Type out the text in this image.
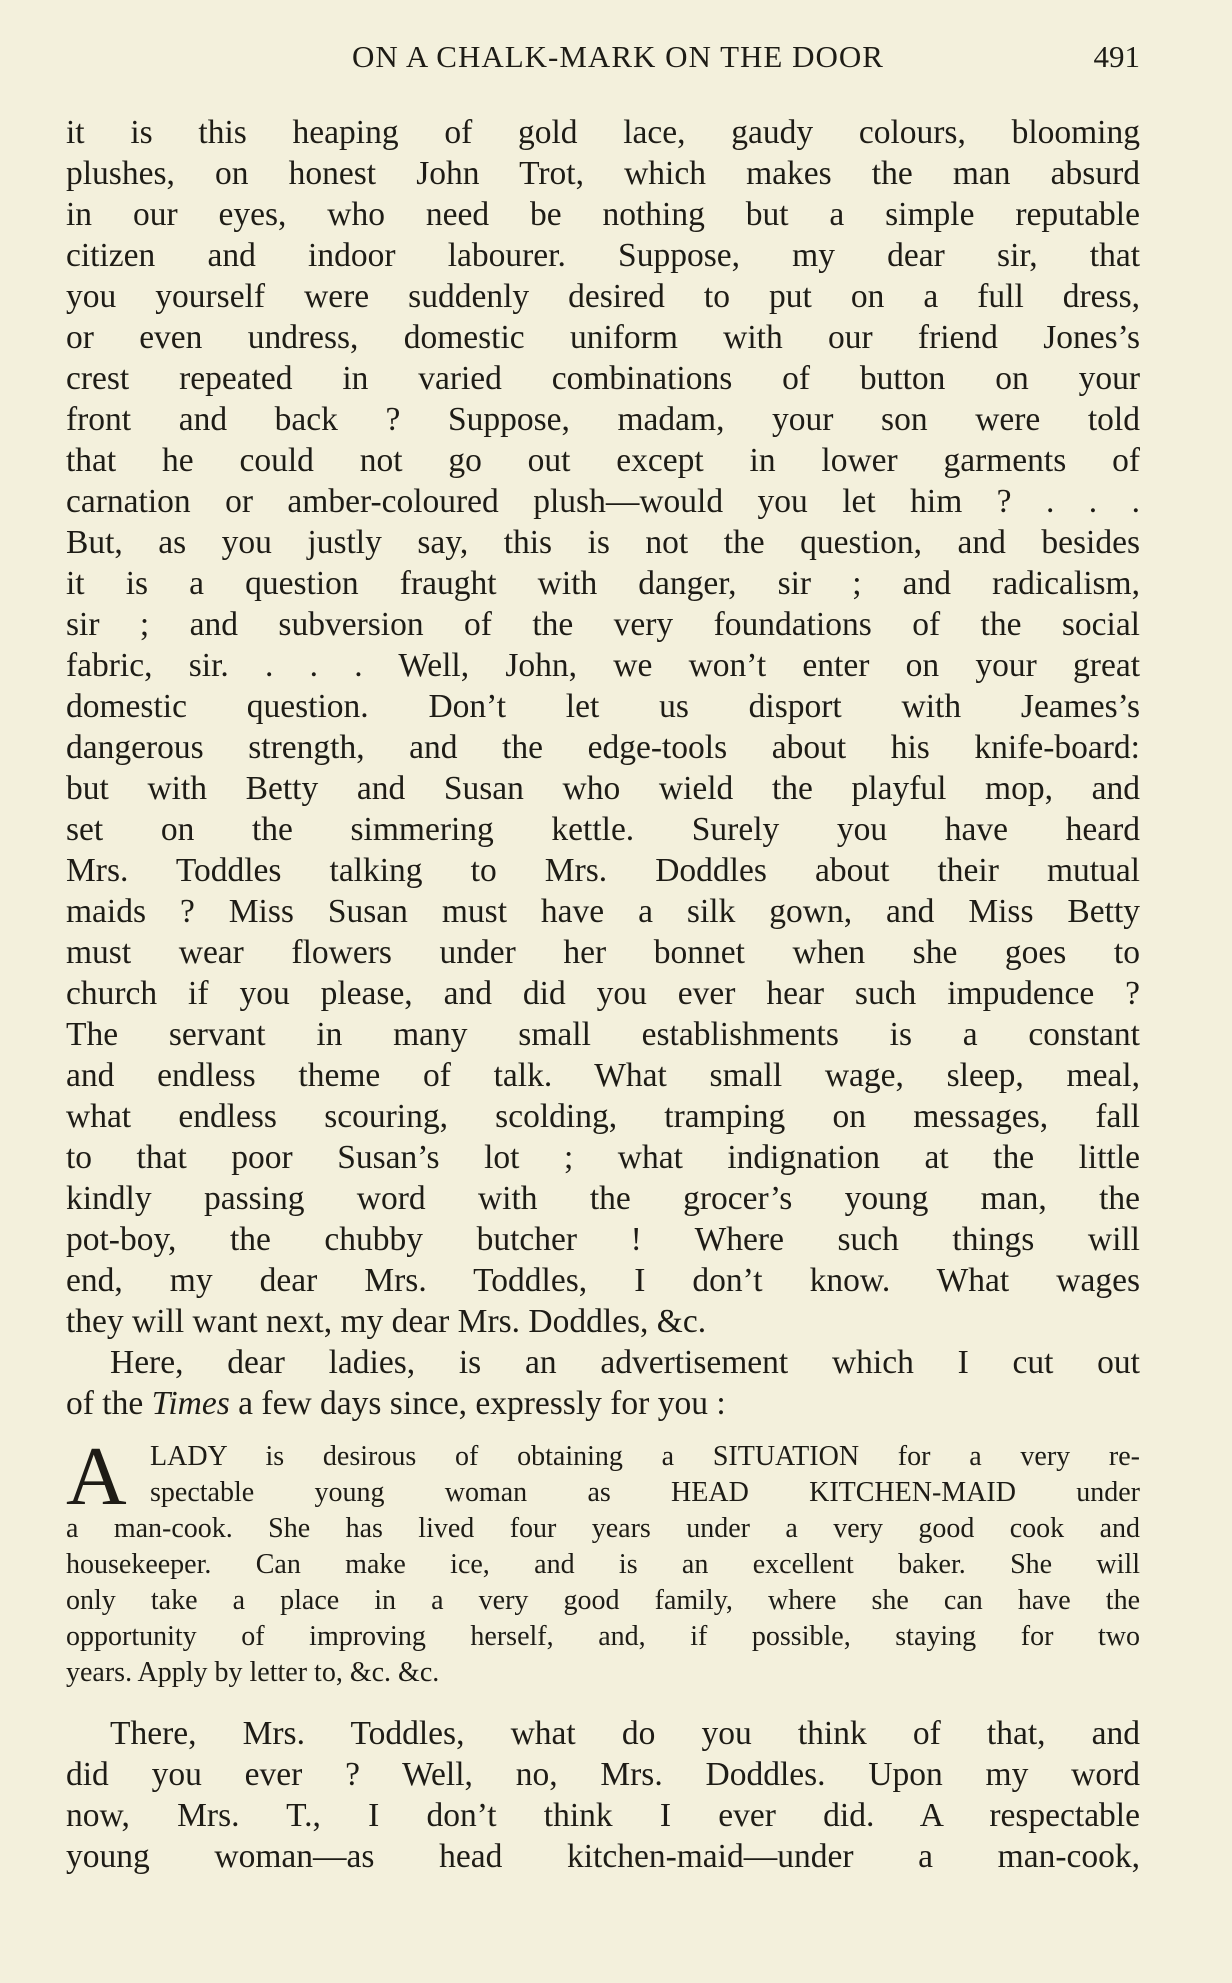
ON A CHALK-MARK ON THE DOOR	491
it is this heaping of gold lace, gaudy colours, blooming
plushes, on honest John Trot, which makes the man absurd
in our eyes, who need be nothing but a simple reputable
citizen and indoor labourer. Suppose, my dear sir, that
you yourself were suddenly desired to put on a full dress,
or even undress, domestic uniform with our friend Jones’s
crest repeated in varied combinations of button on your
front and back ? Suppose, madam, your son were told
that he could not go out except in lower garments of
carnation or amber-coloured plush—would you let him ? . . .
But, as you justly say, this is not the question, and besides
it is a question fraught with danger, sir ; and radicalism,
sir ; and subversion of the very foundations of the social
fabric, sir. . . . Well, John, we won’t enter on your great
domestic question. Don’t let us disport with Jeames’s
dangerous strength, and the edge-tools about his knife-board:
but with Betty and Susan who wield the playful mop, and
set on the simmering kettle. Surely you have heard
Mrs. Toddles talking to Mrs. Doddles about their mutual
maids ? Miss Susan must have a silk gown, and Miss Betty
must wear flowers under her bonnet when she goes to
church if you please, and did you ever hear such impudence ?
The servant in many small establishments is a constant
and endless theme of talk. What small wage, sleep, meal,
what endless scouring, scolding, tramping on messages, fall
to that poor Susan’s lot ; what indignation at the little
kindly passing word with the grocer’s young man, the
pot-boy, the chubby butcher ! Where such things will
end, my dear Mrs. Toddles, I don’t know. What wages
they will want next, my dear Mrs. Doddles, &c.
Here, dear ladies, is an advertisement which I cut out
of the Times a few days since, expressly for you :
A LADY is desirous of obtaining a SITUATION for a very re-
spectable young woman as HEAD KITCHEN-MAID under
a man-cook. She has lived four years under a very good cook and
housekeeper. Can make ice, and is an excellent baker. She will
only take a place in a very good family, where she can have the
opportunity of improving herself, and, if possible, staying for two
years. Apply by letter to, &c. &c.
There, Mrs. Toddles, what do you think of that, and
did you ever ? Well, no, Mrs. Doddles. Upon my word
now, Mrs. T., I don’t think I ever did. A respectable
young woman—as head kitchen-maid—under a man-cook,
